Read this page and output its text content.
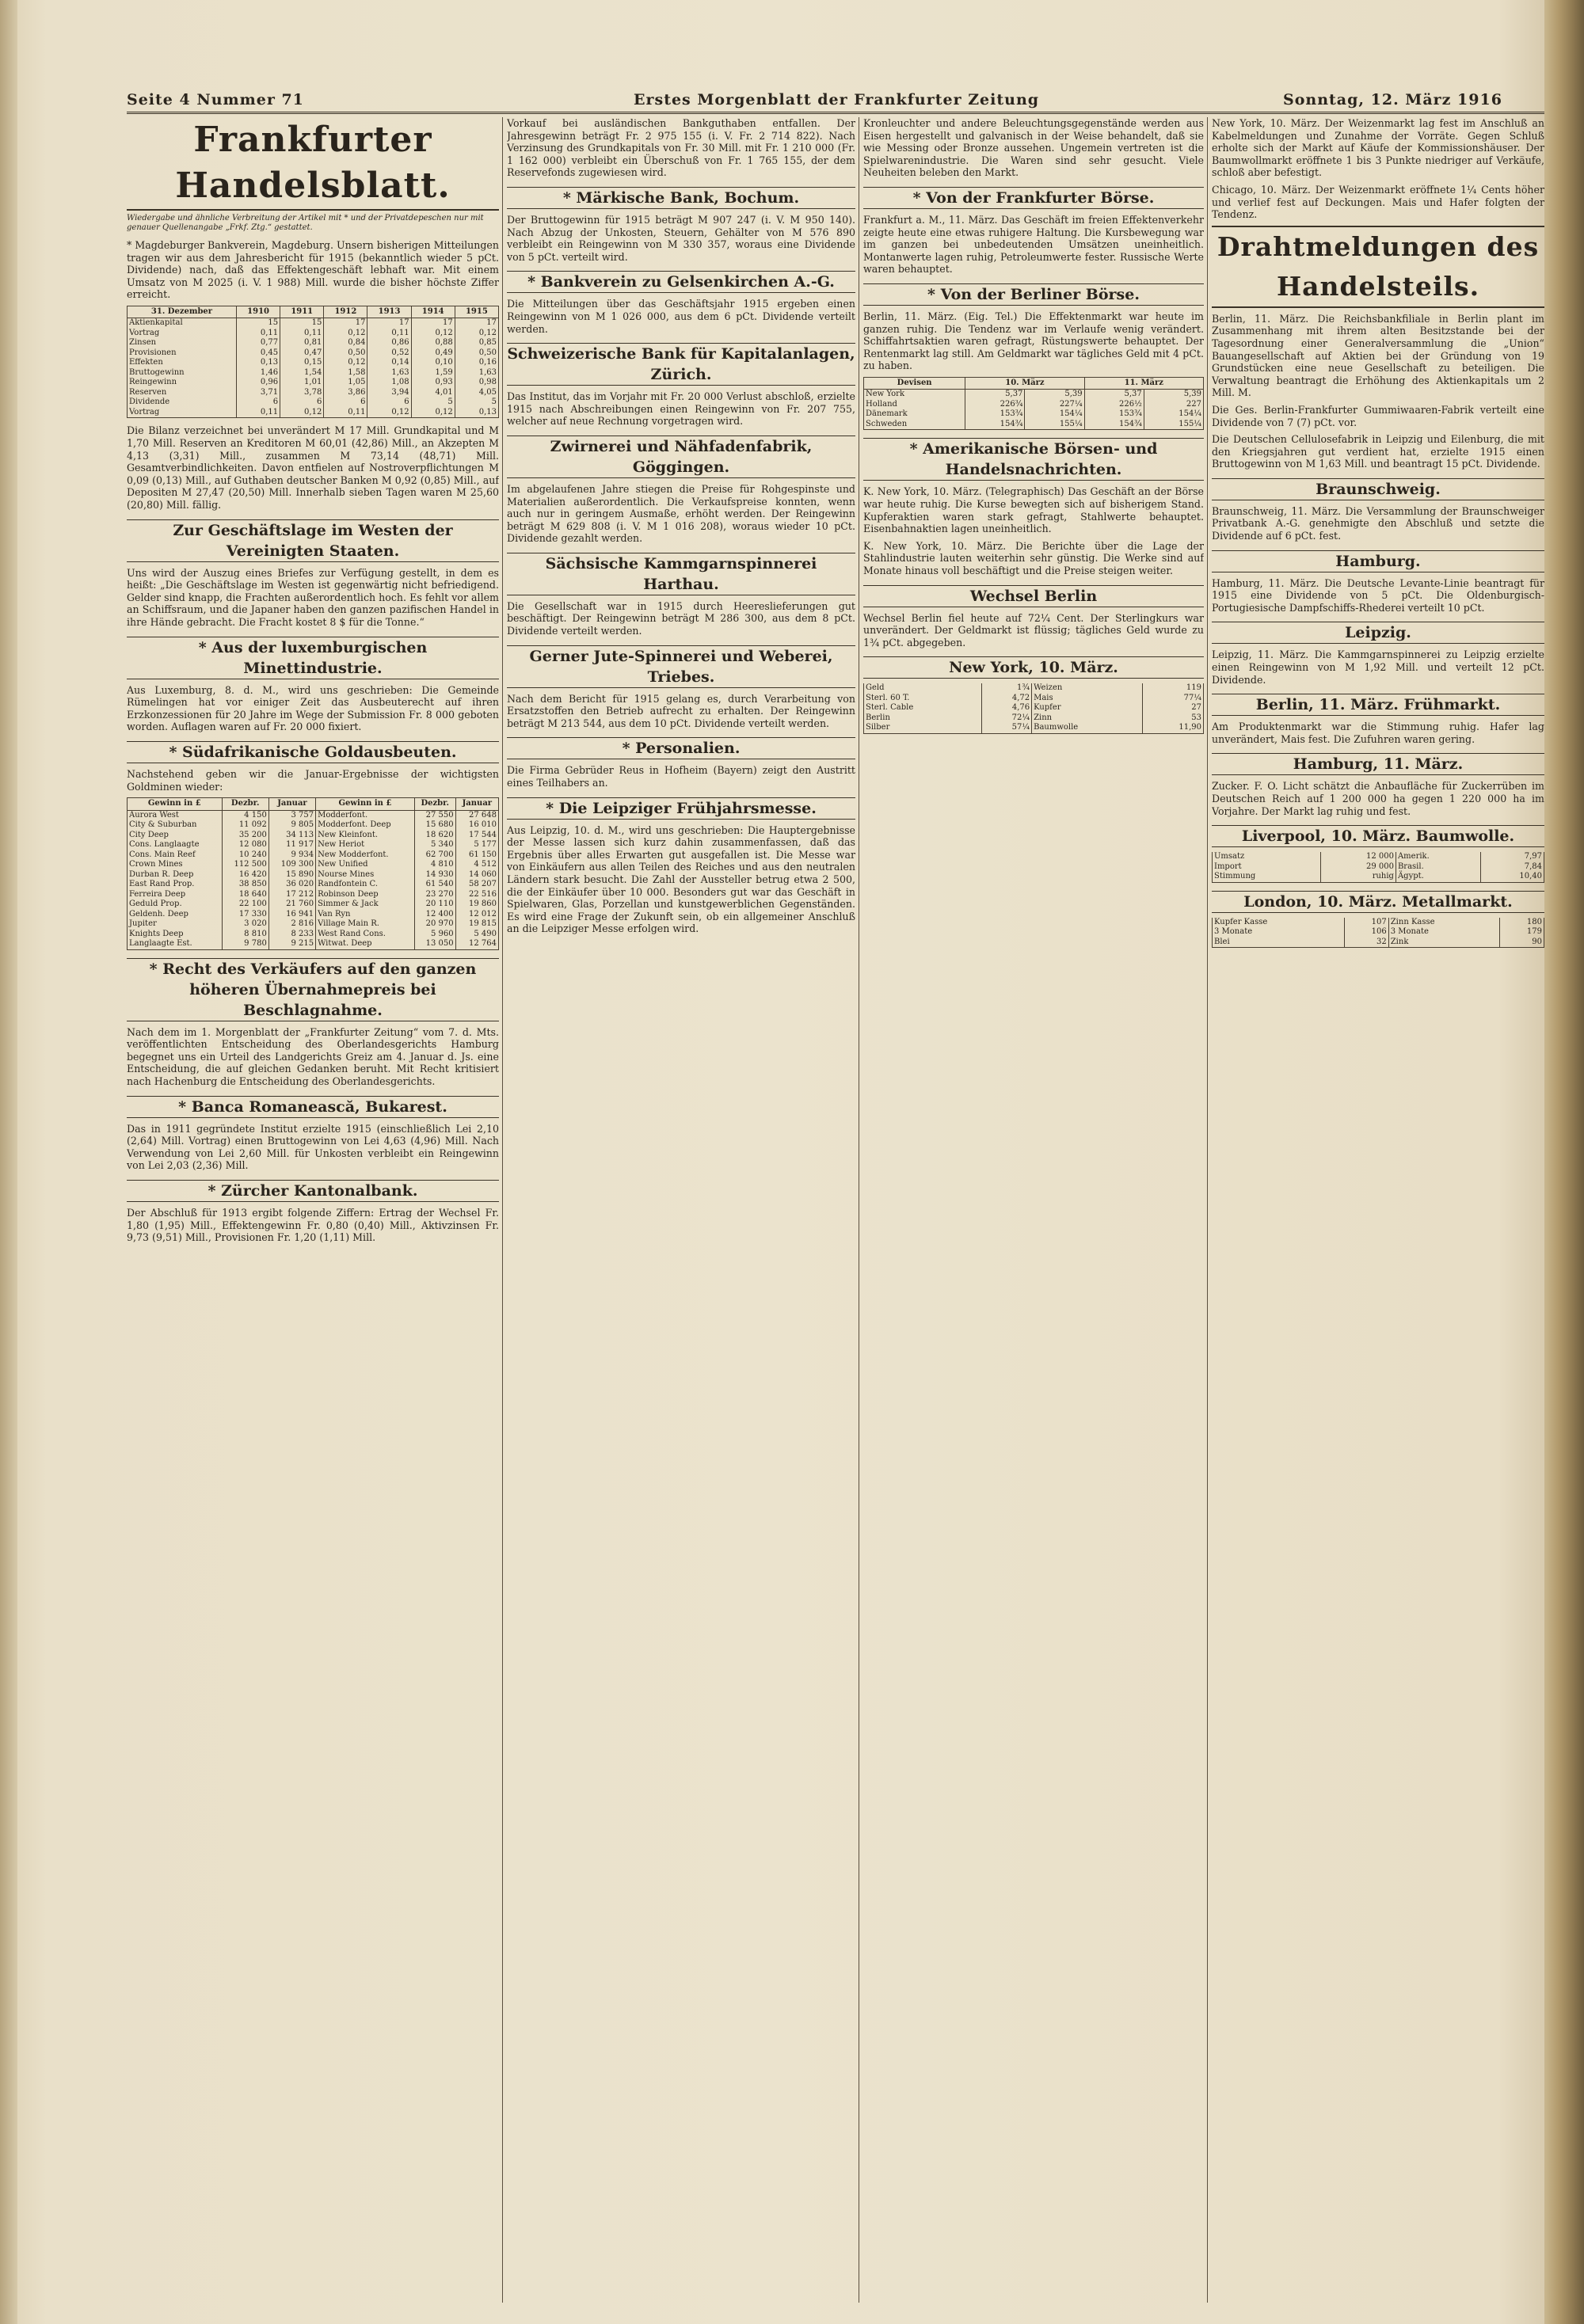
Seite 4 Nummer 71	Erstes Morgenblatt der Frankfurter Zeitung	Sonntag, 12. März 1916
Frankfurter Handelsblatt.
Wiedergabe und ähnliche Verbreitung der Artikel mit * und der Privatdepeschen nur mit genauer Quellenangabe „Frkf. Ztg.“ gestattet.

* Magdeburger Bankverein, Magdeburg. Unsern bisherigen Mitteilungen tragen wir aus dem Jahresbericht für 1915 (bekanntlich wieder 5 pCt. Dividende) nach, daß das Effektengeschäft lebhaft war. Mit einem Umsatz von M 2025 (i. V. 1 988) Mill. wurde die bisher höchste Ziffer erreicht.

31. Dezember	1910	1911	1912	1913	1914	1915
Aktienkapital	15	15	17	17	17	17
Vortrag	0,11	0,11	0,12	0,11	0,12	0,12
Zinsen	0,77	0,81	0,84	0,86	0,88	0,85
Provisionen	0,45	0,47	0,50	0,52	0,49	0,50
Effekten	0,13	0,15	0,12	0,14	0,10	0,16
Bruttogewinn	1,46	1,54	1,58	1,63	1,59	1,63
Reingewinn	0,96	1,01	1,05	1,08	0,93	0,98
Reserven	3,71	3,78	3,86	3,94	4,01	4,05
Dividende	6	6	6	6	5	5
Vortrag	0,11	0,12	0,11	0,12	0,12	0,13

Die Bilanz verzeichnet bei unverändert M 17 Mill. Grundkapital und M 1,70 Mill. Reserven an Kreditoren M 60,01 (42,86) Mill., an Akzepten M 4,13 (3,31) Mill., zusammen M 73,14 (48,71) Mill. Gesamtverbindlichkeiten. Davon entfielen auf Nostroverpflichtungen M 0,09 (0,13) Mill., auf Guthaben deutscher Banken M 0,92 (0,85) Mill., auf Depositen M 27,47 (20,50) Mill. Innerhalb sieben Tagen waren M 25,60 (20,80) Mill. fällig.

Zur Geschäftslage im Westen der Vereinigten Staaten.

Uns wird der Auszug eines Briefes zur Verfügung gestellt, in dem es heißt: „Die Geschäftslage im Westen ist gegenwärtig nicht befriedigend. Gelder sind knapp, die Frachten außerordentlich hoch. Es fehlt vor allem an Schiffsraum, und die Japaner haben den ganzen pazifischen Handel in ihre Hände gebracht. Die Fracht kostet 8 $ für die Tonne.“

* Aus der luxemburgischen Minettindustrie.

Aus Luxemburg, 8. d. M., wird uns geschrieben: Die Gemeinde Rümelingen hat vor einiger Zeit das Ausbeuterecht auf ihren Erzkonzessionen für 20 Jahre im Wege der Submission Fr. 8 000 geboten worden. Auflagen waren auf Fr. 20 000 fixiert.

* Südafrikanische Goldausbeuten.

Nachstehend geben wir die Januar-Ergebnisse der wichtigsten Goldminen wieder:

Gewinn in £	Dezbr.	Januar	Gewinn in £	Dezbr.	Januar
Aurora West	4 150	3 757	Modderfont.	27 550	27 648
City & Suburban	11 092	9 805	Modderfont. Deep	15 680	16 010
City Deep	35 200	34 113	New Kleinfont.	18 620	17 544
Cons. Langlaagte	12 080	11 917	New Heriot	5 340	5 177
Cons. Main Reef	10 240	9 934	New Modderfont.	62 700	61 150
Crown Mines	112 500	109 300	New Unified	4 810	4 512
Durban R. Deep	16 420	15 890	Nourse Mines	14 930	14 060
East Rand Prop.	38 850	36 020	Randfontein C.	61 540	58 207
Ferreira Deep	18 640	17 212	Robinson Deep	23 270	22 516
Geduld Prop.	22 100	21 760	Simmer & Jack	20 110	19 860
Geldenh. Deep	17 330	16 941	Van Ryn	12 400	12 012
Jupiter	3 020	2 816	Village Main R.	20 970	19 815
Knights Deep	8 810	8 233	West Rand Cons.	5 960	5 490
Langlaagte Est.	9 780	9 215	Witwat. Deep	13 050	12 764
* Recht des Verkäufers auf den ganzen höheren Übernahmepreis bei Beschlagnahme.

Nach dem im 1. Morgenblatt der „Frankfurter Zeitung“ vom 7. d. Mts. veröffentlichten Entscheidung des Oberlandesgerichts Hamburg begegnet uns ein Urteil des Landgerichts Greiz am 4. Januar d. Js. eine Entscheidung, die auf gleichen Gedanken beruht. Mit Recht kritisiert nach Hachenburg die Entscheidung des Oberlandesgerichts.

* Banca Romanească, Bukarest.

Das in 1911 gegründete Institut erzielte 1915 (einschließlich Lei 2,10 (2,64) Mill. Vortrag) einen Bruttogewinn von Lei 4,63 (4,96) Mill. Nach Verwendung von Lei 2,60 Mill. für Unkosten verbleibt ein Reingewinn von Lei 2,03 (2,36) Mill.

* Zürcher Kantonalbank.

Der Abschluß für 1913 ergibt folgende Ziffern: Ertrag der Wechsel Fr. 1,80 (1,95) Mill., Effektengewinn Fr. 0,80 (0,40) Mill., Aktivzinsen Fr. 9,73 (9,51) Mill., Provisionen Fr. 1,20 (1,11) Mill.

Vorkauf bei ausländischen Bankguthaben entfallen. Der Jahresgewinn beträgt Fr. 2 975 155 (i. V. Fr. 2 714 822). Nach Verzinsung des Grundkapitals von Fr. 30 Mill. mit Fr. 1 210 000 (Fr. 1 162 000) verbleibt ein Überschuß von Fr. 1 765 155, der dem Reservefonds zugewiesen wird.

* Märkische Bank, Bochum.

Der Bruttogewinn für 1915 beträgt M 907 247 (i. V. M 950 140). Nach Abzug der Unkosten, Steuern, Gehälter von M 576 890 verbleibt ein Reingewinn von M 330 357, woraus eine Dividende von 5 pCt. verteilt wird.

* Bankverein zu Gelsenkirchen A.-G.

Die Mitteilungen über das Geschäftsjahr 1915 ergeben einen Reingewinn von M 1 026 000, aus dem 6 pCt. Dividende verteilt werden.

Schweizerische Bank für Kapitalanlagen, Zürich.

Das Institut, das im Vorjahr mit Fr. 20 000 Verlust abschloß, erzielte 1915 nach Abschreibungen einen Reingewinn von Fr. 207 755, welcher auf neue Rechnung vorgetragen wird.

Zwirnerei und Nähfadenfabrik, Göggingen.

Im abgelaufenen Jahre stiegen die Preise für Rohgespinste und Materialien außerordentlich. Die Verkaufspreise konnten, wenn auch nur in geringem Ausmaße, erhöht werden. Der Reingewinn beträgt M 629 808 (i. V. M 1 016 208), woraus wieder 10 pCt. Dividende gezahlt werden.

Sächsische Kammgarnspinnerei Harthau.

Die Gesellschaft war in 1915 durch Heereslieferungen gut beschäftigt. Der Reingewinn beträgt M 286 300, aus dem 8 pCt. Dividende verteilt werden.

Gerner Jute-Spinnerei und Weberei, Triebes.

Nach dem Bericht für 1915 gelang es, durch Verarbeitung von Ersatzstoffen den Betrieb aufrecht zu erhalten. Der Reingewinn beträgt M 213 544, aus dem 10 pCt. Dividende verteilt werden.

* Personalien.

Die Firma Gebrüder Reus in Hofheim (Bayern) zeigt den Austritt eines Teilhabers an.

* Die Leipziger Frühjahrsmesse.

Aus Leipzig, 10. d. M., wird uns geschrieben: Die Hauptergebnisse der Messe lassen sich kurz dahin zusammenfassen, daß das Ergebnis über alles Erwarten gut ausgefallen ist. Die Messe war von Einkäufern aus allen Teilen des Reiches und aus den neutralen Ländern stark besucht. Die Zahl der Aussteller betrug etwa 2 500, die der Einkäufer über 10 000. Besonders gut war das Geschäft in Spielwaren, Glas, Porzellan und kunstgewerblichen Gegenständen. Es wird eine Frage der Zukunft sein, ob ein allgemeiner Anschluß an die Leipziger Messe erfolgen wird.

Kronleuchter und andere Beleuchtungsgegenstände werden aus Eisen hergestellt und galvanisch in der Weise behandelt, daß sie wie Messing oder Bronze aussehen. Ungemein vertreten ist die Spielwarenindustrie. Die Waren sind sehr gesucht. Viele Neuheiten beleben den Markt.

* Von der Frankfurter Börse.

Frankfurt a. M., 11. März. Das Geschäft im freien Effektenverkehr zeigte heute eine etwas ruhigere Haltung. Die Kursbewegung war im ganzen bei unbedeutenden Umsätzen uneinheitlich. Montanwerte lagen ruhig, Petroleumwerte fester. Russische Werte waren behauptet.

* Von der Berliner Börse.

Berlin, 11. März. (Eig. Tel.) Die Effektenmarkt war heute im ganzen ruhig. Die Tendenz war im Verlaufe wenig verändert. Schiffahrtsaktien waren gefragt, Rüstungswerte behauptet. Der Rentenmarkt lag still. Am Geldmarkt war tägliches Geld mit 4 pCt. zu haben.

Devisen	10. März		11. März	
New York	5,37	5,39	5,37	5,39
Holland	226¾	227¼	226½	227
Dänemark	153¾	154¼	153¾	154¼
Schweden	154¾	155¼	154¾	155¼
* Amerikanische Börsen- und Handelsnachrichten.

K. New York, 10. März. (Telegraphisch) Das Geschäft an der Börse war heute ruhig. Die Kurse bewegten sich auf bisherigem Stand. Kupferaktien waren stark gefragt, Stahlwerte behauptet. Eisenbahnaktien lagen uneinheitlich.

K. New York, 10. März. Die Berichte über die Lage der Stahlindustrie lauten weiterhin sehr günstig. Die Werke sind auf Monate hinaus voll beschäftigt und die Preise steigen weiter.

Wechsel Berlin

Wechsel Berlin fiel heute auf 72¼ Cent. Der Sterlingkurs war unverändert. Der Geldmarkt ist flüssig; tägliches Geld wurde zu 1¾ pCt. abgegeben.

New York, 10. März.
Geld	1¾	Weizen	119
Sterl. 60 T.	4,72	Mais	77¼
Sterl. Cable	4,76	Kupfer	27
Berlin	72¼	Zinn	53
Silber	57¼	Baumwolle	11,90

New York, 10. März. Der Weizenmarkt lag fest im Anschluß an Kabelmeldungen und Zunahme der Vorräte. Gegen Schluß erholte sich der Markt auf Käufe der Kommissionshäuser. Der Baumwollmarkt eröffnete 1 bis 3 Punkte niedriger auf Verkäufe, schloß aber befestigt.

Chicago, 10. März. Der Weizenmarkt eröffnete 1¼ Cents höher und verlief fest auf Deckungen. Mais und Hafer folgten der Tendenz.

Drahtmeldungen des Handelsteils.

Berlin, 11. März. Die Reichsbankfiliale in Berlin plant im Zusammenhang mit ihrem alten Besitzstande bei der Tagesordnung einer Generalversammlung die „Union“ Bauangesellschaft auf Aktien bei der Gründung von 19 Grundstücken eine neue Gesellschaft zu beteiligen. Die Verwaltung beantragt die Erhöhung des Aktienkapitals um 2 Mill. M.

Die Ges. Berlin-Frankfurter Gummiwaaren-Fabrik verteilt eine Dividende von 7 (7) pCt. vor.

Die Deutschen Cellulosefabrik in Leipzig und Eilenburg, die mit den Kriegsjahren gut verdient hat, erzielte 1915 einen Bruttogewinn von M 1,63 Mill. und beantragt 15 pCt. Dividende.

Braunschweig.

Braunschweig, 11. März. Die Versammlung der Braunschweiger Privatbank A.-G. genehmigte den Abschluß und setzte die Dividende auf 6 pCt. fest.

Hamburg.

Hamburg, 11. März. Die Deutsche Levante-Linie beantragt für 1915 eine Dividende von 5 pCt. Die Oldenburgisch-Portugiesische Dampfschiffs-Rhederei verteilt 10 pCt.

Leipzig.

Leipzig, 11. März. Die Kammgarnspinnerei zu Leipzig erzielte einen Reingewinn von M 1,92 Mill. und verteilt 12 pCt. Dividende.

Berlin, 11. März. Frühmarkt.

Am Produktenmarkt war die Stimmung ruhig. Hafer lag unverändert, Mais fest. Die Zufuhren waren gering.

Hamburg, 11. März.

Zucker. F. O. Licht schätzt die Anbaufläche für Zuckerrüben im Deutschen Reich auf 1 200 000 ha gegen 1 220 000 ha im Vorjahre. Der Markt lag ruhig und fest.

Liverpool, 10. März. Baumwolle.
Umsatz	12 000	Amerik.	7,97
Import	29 000	Brasil.	7,84
Stimmung	ruhig	Ägypt.	10,40
London, 10. März. Metallmarkt.
Kupfer Kasse	107	Zinn Kasse	180
3 Monate	106	3 Monate	179
Blei	32	Zink	90
